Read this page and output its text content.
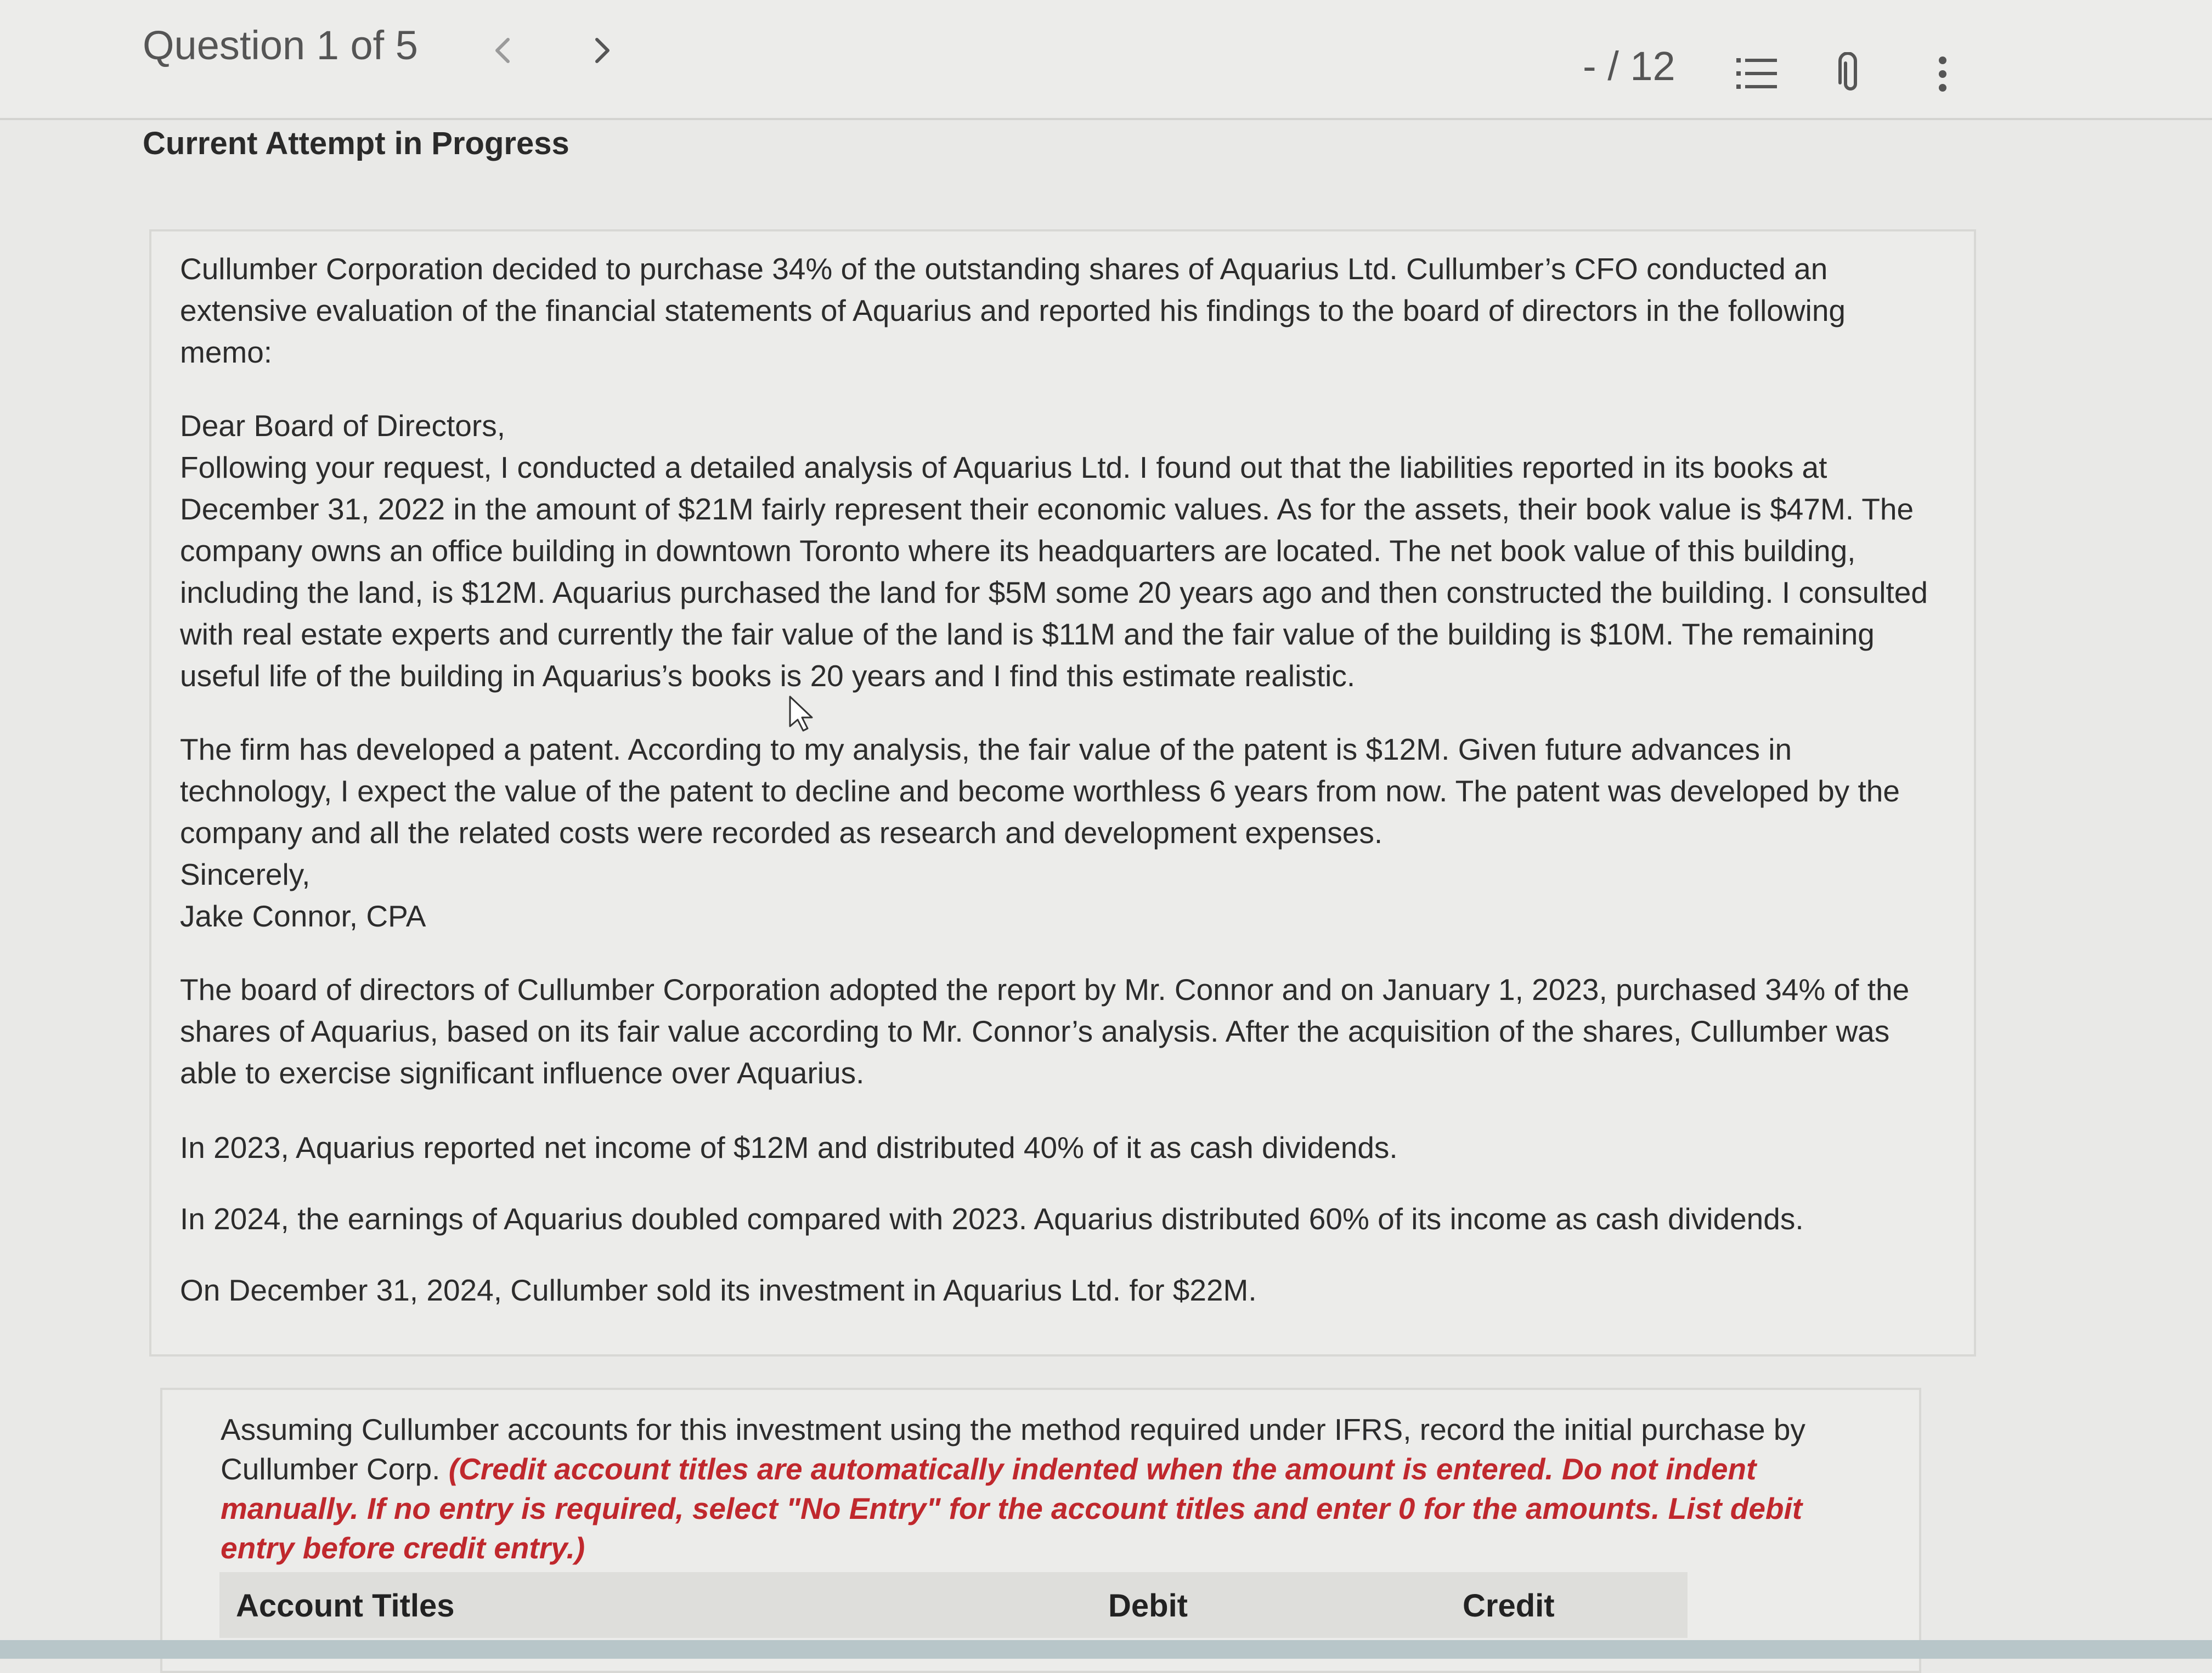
Question 1 of 5	- / 12
Current Attempt in Progress

Cullumber Corporation decided to purchase 34% of the outstanding shares of Aquarius Ltd. Cullumber’s CFO conducted an extensive evaluation of the financial statements of Aquarius and reported his findings to the board of directors in the following memo:

Dear Board of Directors,

Following your request, I conducted a detailed analysis of Aquarius Ltd. I found out that the liabilities reported in its books at December 31, 2022 in the amount of $21M fairly represent their economic values. As for the assets, their book value is $47M. The company owns an office building in downtown Toronto where its headquarters are located. The net book value of this building, including the land, is $12M. Aquarius purchased the land for $5M some 20 years ago and then constructed the building. I consulted with real estate experts and currently the fair value of the land is $11M and the fair value of the building is $10M. The remaining useful life of the building in Aquarius’s books is 20 years and I find this estimate realistic.

The firm has developed a patent. According to my analysis, the fair value of the patent is $12M. Given future advances in technology, I expect the value of the patent to decline and become worthless 6 years from now. The patent was developed by the company and all the related costs were recorded as research and development expenses.

Sincerely,

Jake Connor, CPA

The board of directors of Cullumber Corporation adopted the report by Mr. Connor and on January 1, 2023, purchased 34% of the shares of Aquarius, based on its fair value according to Mr. Connor’s analysis. After the acquisition of the shares, Cullumber was able to exercise significant influence over Aquarius.

In 2023, Aquarius reported net income of $12M and distributed 40% of it as cash dividends.

In 2024, the earnings of Aquarius doubled compared with 2023. Aquarius distributed 60% of its income as cash dividends.

On December 31, 2024, Cullumber sold its investment in Aquarius Ltd. for $22M.

Assuming Cullumber accounts for this investment using the method required under IFRS, record the initial purchase by Cullumber Corp. (Credit account titles are automatically indented when the amount is entered. Do not indent manually. If no entry is required, select "No Entry" for the account titles and enter 0 for the amounts. List debit entry before credit entry.)

Account Titles	Debit	Credit
